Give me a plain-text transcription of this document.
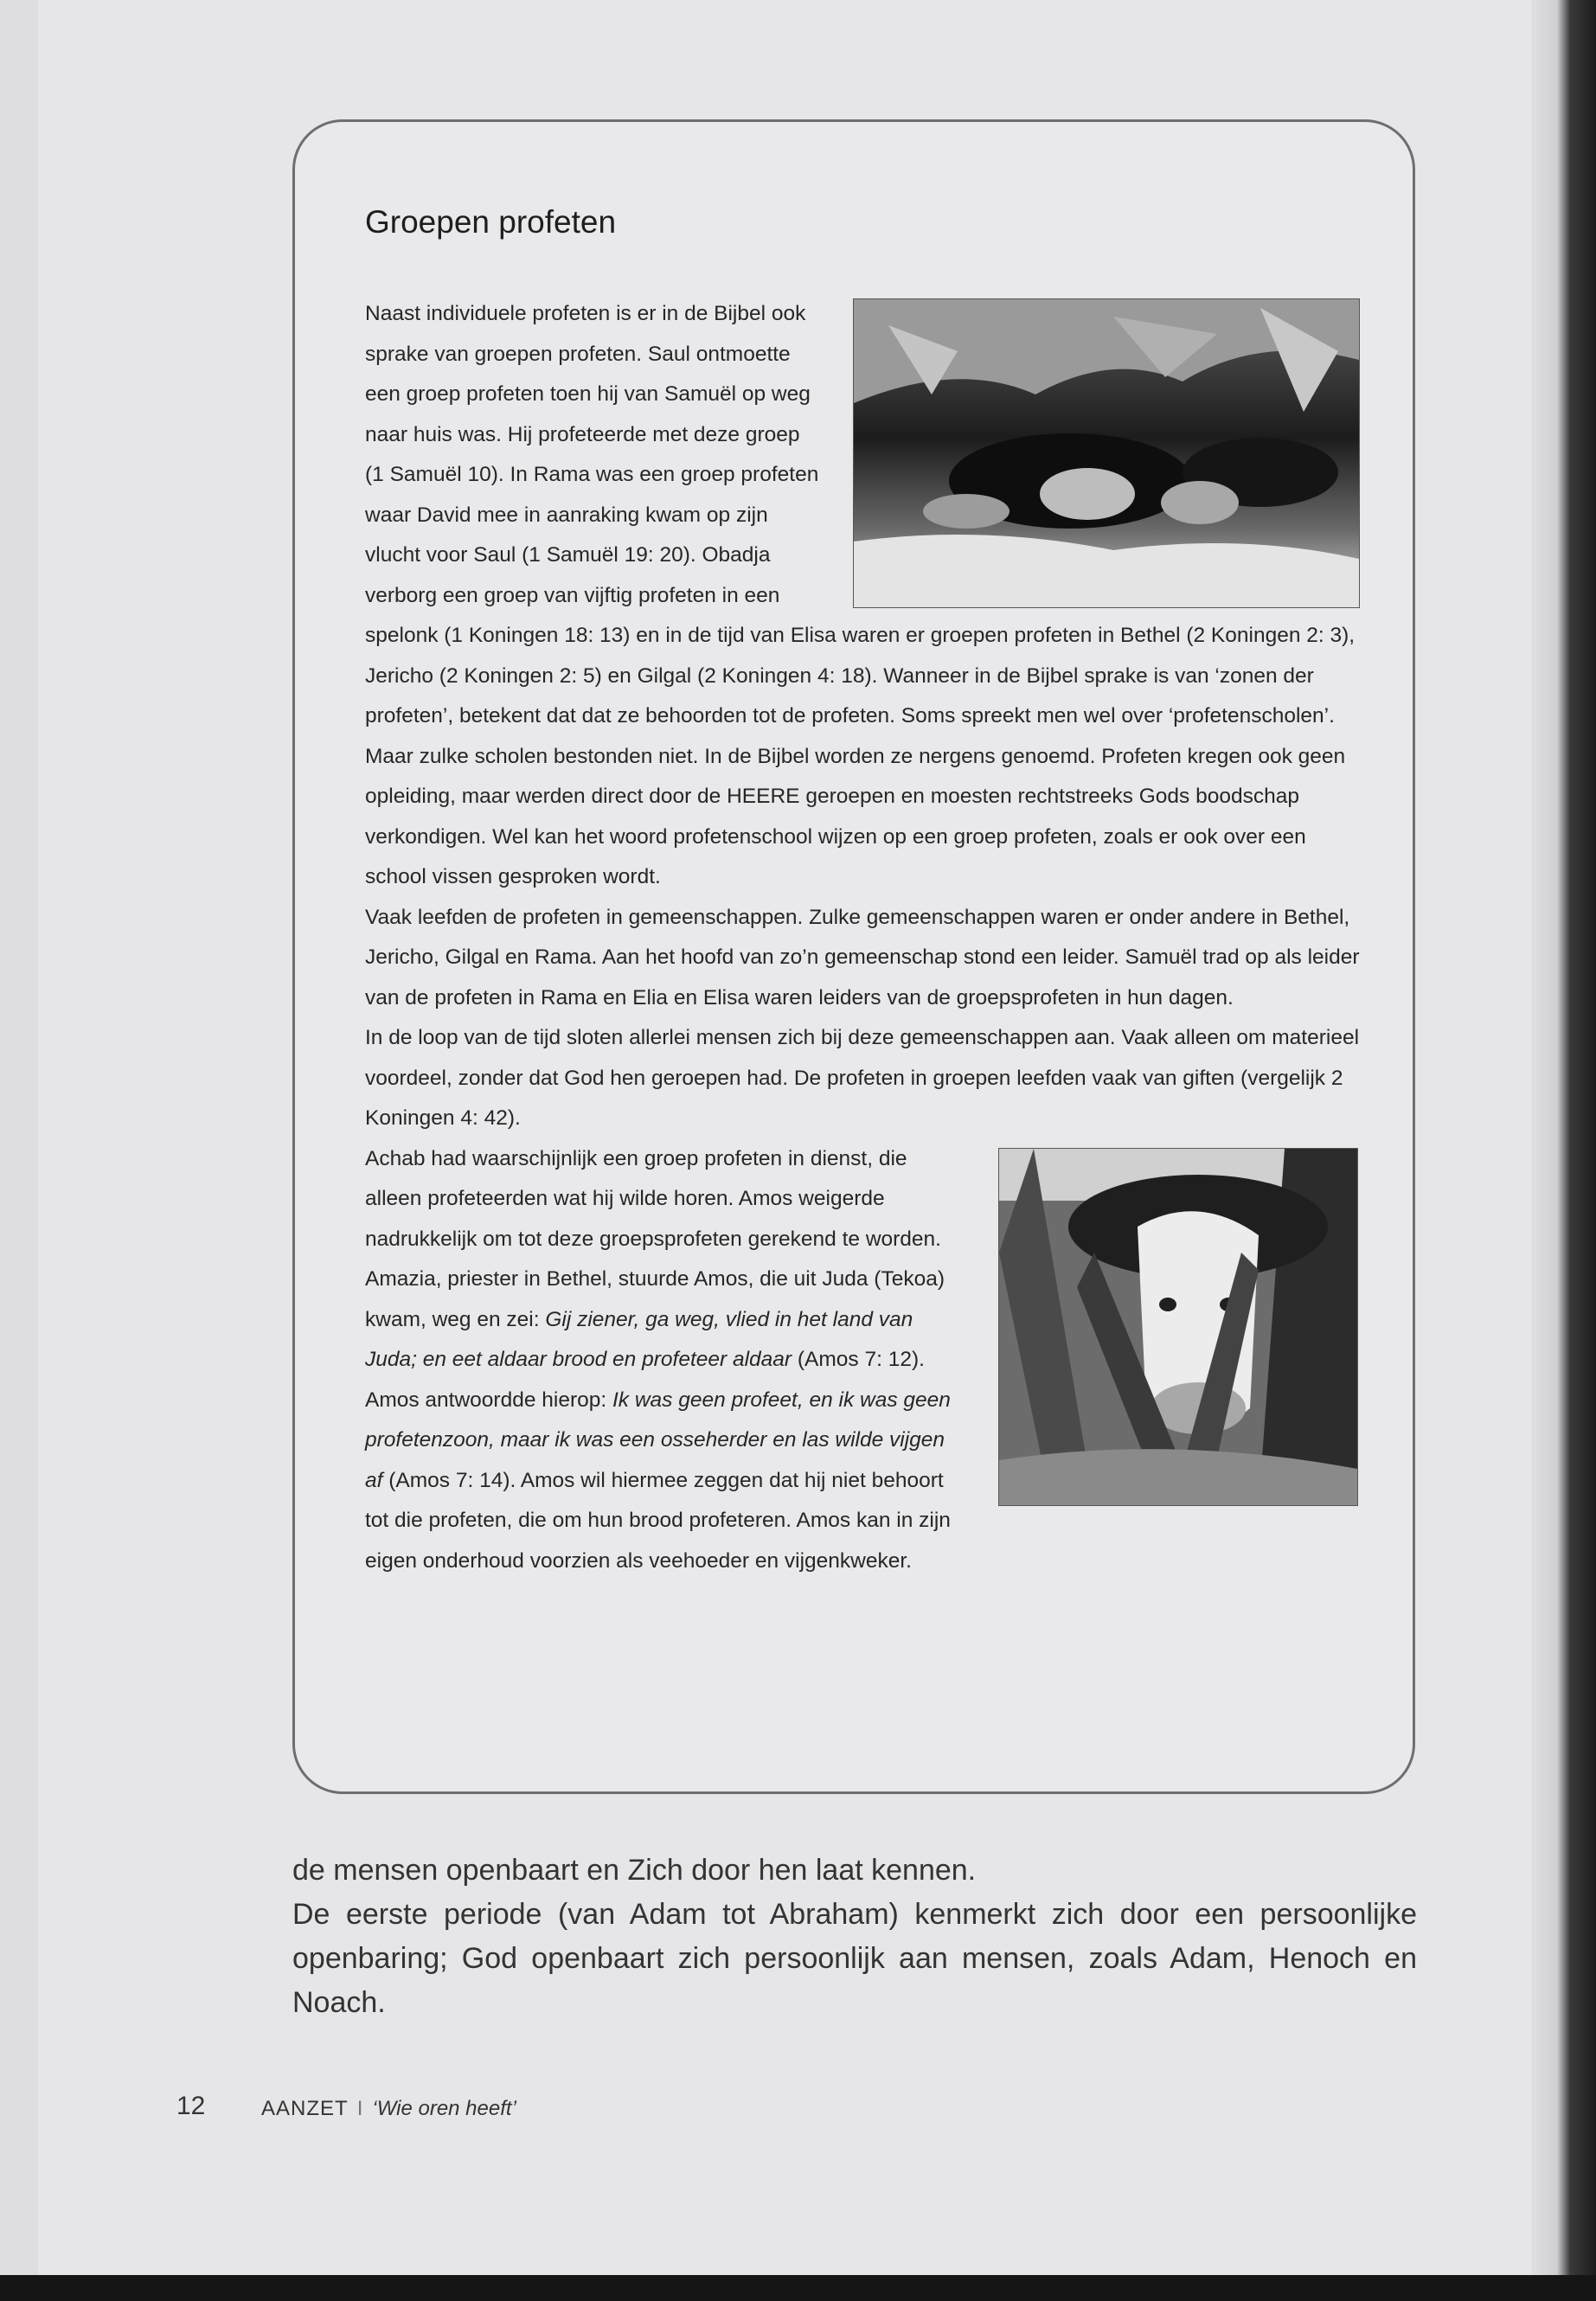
Groepen profeten

Naast individuele profeten is er in de Bijbel ook sprake van groepen profeten. Saul ontmoette een groep profeten toen hij van Samuël op weg naar huis was. Hij profeteerde met deze groep (1 Samuël 10). In Rama was een groep profeten waar David mee in aanraking kwam op zijn vlucht voor Saul (1 Samuël 19: 20). Obadja verborg een groep van vijftig profeten in een spelonk (1 Koningen 18: 13) en in de tijd van Elisa waren er groepen profeten in Bethel (2 Koningen 2: 3), Jericho (2 Koningen 2: 5) en Gilgal (2 Koningen 4: 18). Wanneer in de Bijbel sprake is van ‘zonen der profeten’, betekent dat dat ze behoorden tot de profeten. Soms spreekt men wel over ‘profetenscholen’. Maar zulke scholen bestonden niet. In de Bijbel worden ze nergens genoemd. Profeten kregen ook geen opleiding, maar werden direct door de HEERE geroepen en moesten rechtstreeks Gods boodschap verkondigen. Wel kan het woord profetenschool wijzen op een groep profeten, zoals er ook over een school vissen gesproken wordt.

Vaak leefden de profeten in gemeenschappen. Zulke gemeenschappen waren er onder andere in Bethel, Jericho, Gilgal en Rama. Aan het hoofd van zo’n gemeenschap stond een leider. Samuël trad op als leider van de profeten in Rama en Elia en Elisa waren leiders van de groepsprofeten in hun dagen.

In de loop van de tijd sloten allerlei mensen zich bij deze gemeenschappen aan. Vaak alleen om materieel voordeel, zonder dat God hen geroepen had. De profeten in groepen leefden vaak van giften (vergelijk 2 Koningen 4: 42).

Achab had waarschijnlijk een groep profeten in dienst, die alleen profeteerden wat hij wilde horen. Amos weigerde nadrukkelijk om tot deze groepsprofeten gerekend te worden.

Amazia, priester in Bethel, stuurde Amos, die uit Juda (Tekoa) kwam, weg en zei: Gij ziener, ga weg, vlied in het land van Juda; en eet aldaar brood en profeteer aldaar (Amos 7: 12). Amos antwoordde hierop: Ik was geen profeet, en ik was geen profetenzoon, maar ik was een osseherder en las wilde vijgen af (Amos 7: 14). Amos wil hiermee zeggen dat hij niet behoort tot die profeten, die om hun brood profeteren. Amos kan in zijn eigen onderhoud voorzien als veehoeder en vijgenkweker.

de mensen openbaart en Zich door hen laat kennen.

De eerste periode (van Adam tot Abraham) kenmerkt zich door een persoonlijke openbaring; God openbaart zich persoonlijk aan mensen, zoals Adam, Henoch en Noach.

12	AANZET I ‘Wie oren heeft’
